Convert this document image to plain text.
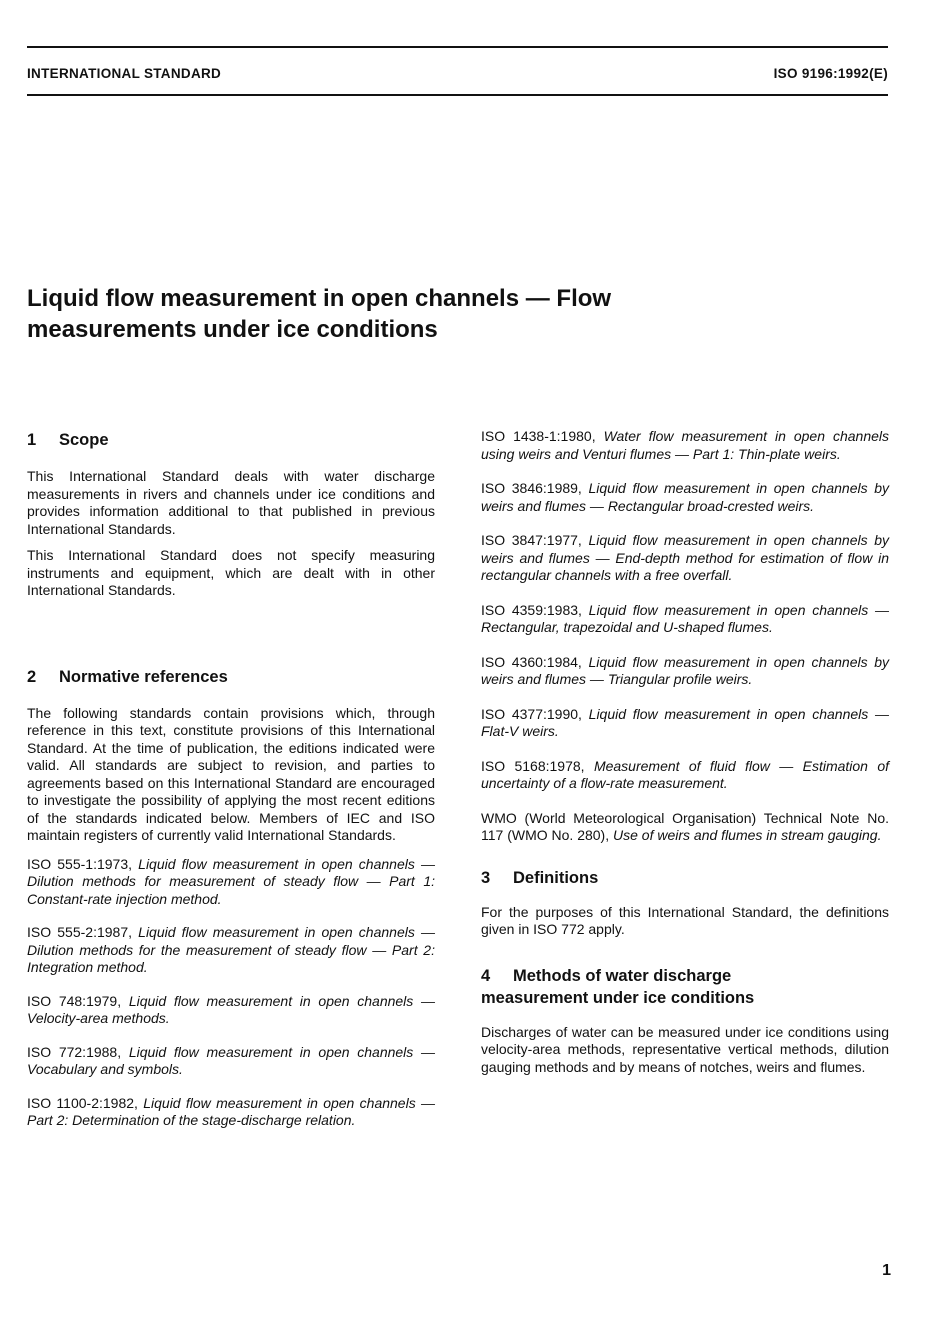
INTERNATIONAL STANDARD	ISO 9196:1992(E)
Liquid flow measurement in open channels — Flow
measurements under ice conditions
1 Scope

This International Standard deals with water discharge measurements in rivers and channels under ice conditions and provides information additional to that published in previous International Standards.

This International Standard does not specify measuring instruments and equipment, which are dealt with in other International Standards.

2 Normative references

The following standards contain provisions which, through reference in this text, constitute provisions of this International Standard. At the time of publication, the editions indicated were valid. All standards are subject to revision, and parties to agreements based on this International Standard are encouraged to investigate the possibility of applying the most recent editions of the standards indicated below. Members of IEC and ISO maintain registers of currently valid International Standards.

ISO 555-1:1973, Liquid flow measurement in open channels — Dilution methods for measurement of steady flow — Part 1: Constant-rate injection method.

ISO 555-2:1987, Liquid flow measurement in open channels — Dilution methods for the measurement of steady flow — Part 2: Integration method.

ISO 748:1979, Liquid flow measurement in open channels — Velocity-area methods.

ISO 772:1988, Liquid flow measurement in open channels — Vocabulary and symbols.

ISO 1100-2:1982, Liquid flow measurement in open channels — Part 2: Determination of the stage-discharge relation.

ISO 1438-1:1980, Water flow measurement in open channels using weirs and Venturi flumes — Part 1: Thin-plate weirs.

ISO 3846:1989, Liquid flow measurement in open channels by weirs and flumes — Rectangular broad-crested weirs.

ISO 3847:1977, Liquid flow measurement in open channels by weirs and flumes — End-depth method for estimation of flow in rectangular channels with a free overfall.

ISO 4359:1983, Liquid flow measurement in open channels — Rectangular, trapezoidal and U-shaped flumes.

ISO 4360:1984, Liquid flow measurement in open channels by weirs and flumes — Triangular profile weirs.

ISO 4377:1990, Liquid flow measurement in open channels — Flat-V weirs.

ISO 5168:1978, Measurement of fluid flow — Estimation of uncertainty of a flow-rate measurement.

WMO (World Meteorological Organisation) Technical Note No. 117 (WMO No. 280), Use of weirs and flumes in stream gauging.

3 Definitions

For the purposes of this International Standard, the definitions given in ISO 772 apply.

4 Methods of water discharge
measurement under ice conditions

Discharges of water can be measured under ice conditions using velocity-area methods, representative vertical methods, dilution gauging methods and by means of notches, weirs and flumes.

1
